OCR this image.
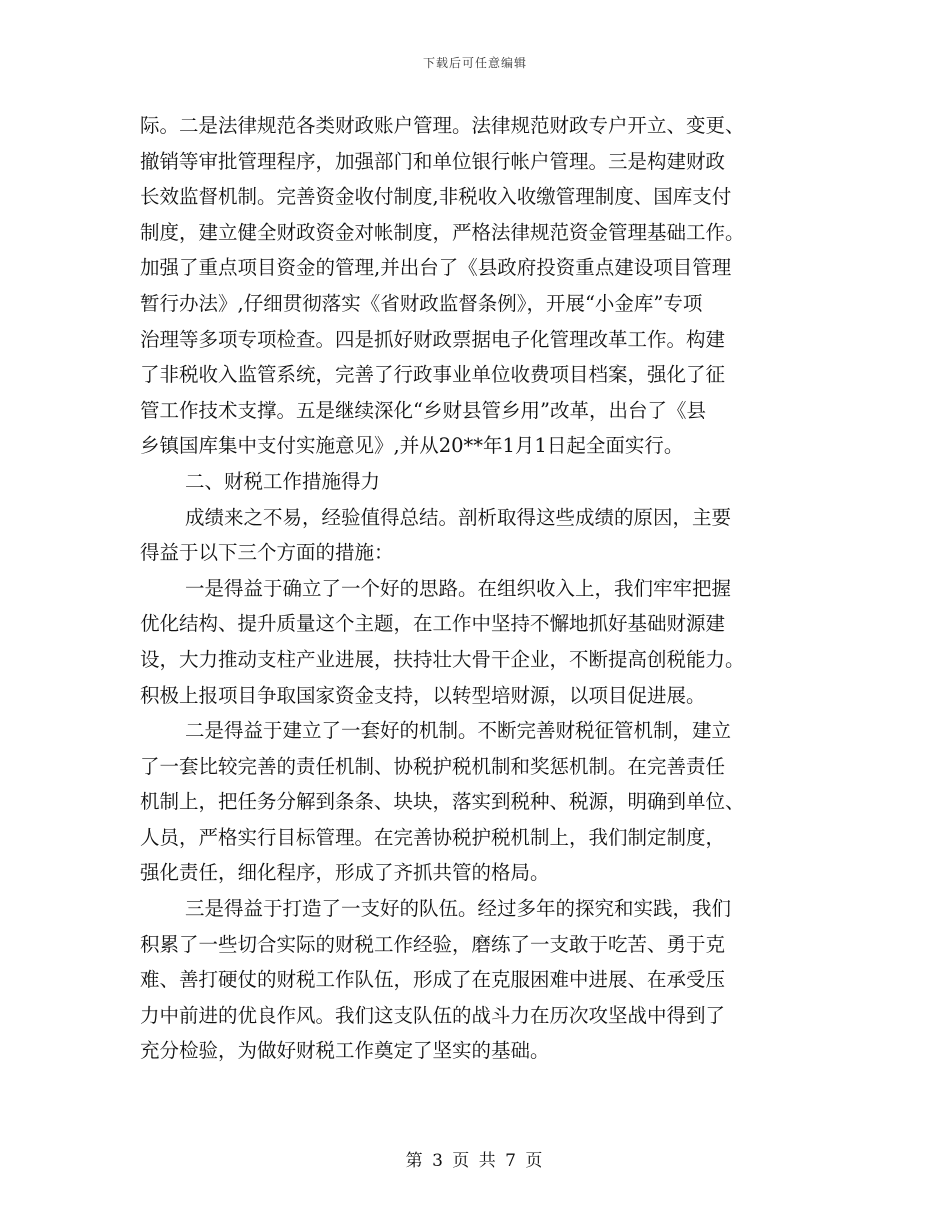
下载后可任意编辑
际。二是法律规范各类财政账户管理。法律规范财政专户开立、变更、
撤销等审批管理程序，加强部门和单位银行帐户管理。三是构建财政
长效监督机制。完善资金收付制度,非税收入收缴管理制度、国库支付
制度，建立健全财政资金对帐制度，严格法律规范资金管理基础工作。
加强了重点项目资金的管理,并出台了《县政府投资重点建设项目管理
暂行办法》,仔细贯彻落实《省财政监督条例》，开展“小金库”专项
治理等多项专项检查。四是抓好财政票据电子化管理改革工作。构建
了非税收入监管系统，完善了行政事业单位收费项目档案，强化了征
管工作技术支撑。五是继续深化“乡财县管乡用”改革，出台了《县
乡镇国库集中支付实施意见》,并从20**年1月1日起全面实行。
二、财税工作措施得力
成绩来之不易，经验值得总结。剖析取得这些成绩的原因，主要
得益于以下三个方面的措施：
一是得益于确立了一个好的思路。在组织收入上，我们牢牢把握
优化结构、提升质量这个主题，在工作中坚持不懈地抓好基础财源建
设，大力推动支柱产业进展，扶持壮大骨干企业，不断提高创税能力。
积极上报项目争取国家资金支持，以转型培财源，以项目促进展。
二是得益于建立了一套好的机制。不断完善财税征管机制，建立
了一套比较完善的责任机制、协税护税机制和奖惩机制。在完善责任
机制上，把任务分解到条条、块块，落实到税种、税源，明确到单位、
人员，严格实行目标管理。在完善协税护税机制上，我们制定制度，
强化责任，细化程序，形成了齐抓共管的格局。
三是得益于打造了一支好的队伍。经过多年的探究和实践，我们
积累了一些切合实际的财税工作经验，磨练了一支敢于吃苦、勇于克
难、善打硬仗的财税工作队伍，形成了在克服困难中进展、在承受压
力中前进的优良作风。我们这支队伍的战斗力在历次攻坚战中得到了
充分检验，为做好财税工作奠定了坚实的基础。
第 3 页 共 7 页
